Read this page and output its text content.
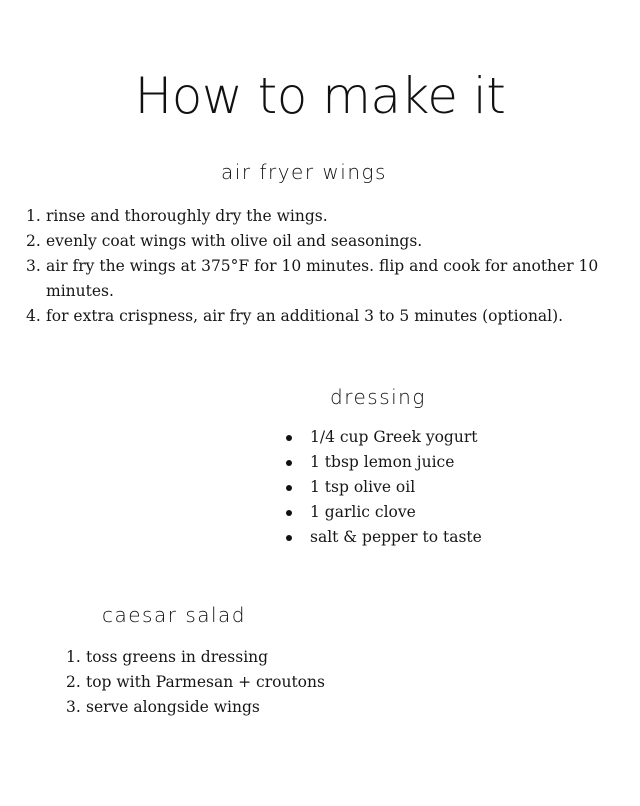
How to make it
air fryer wings
1. rinse and thoroughly dry the wings.
2. evenly coat wings with olive oil and seasonings.
3. air fry the wings at 375°F for 10 minutes. flip and cook for another 10 minutes.
4. for extra crispness, air fry an additional 3 to 5 minutes (optional).
dressing
1/4 cup Greek yogurt
1 tbsp lemon juice
1 tsp olive oil
1 garlic clove
salt & pepper to taste
caesar salad
1. toss greens in dressing
2. top with Parmesan + croutons
3. serve alongside wings
